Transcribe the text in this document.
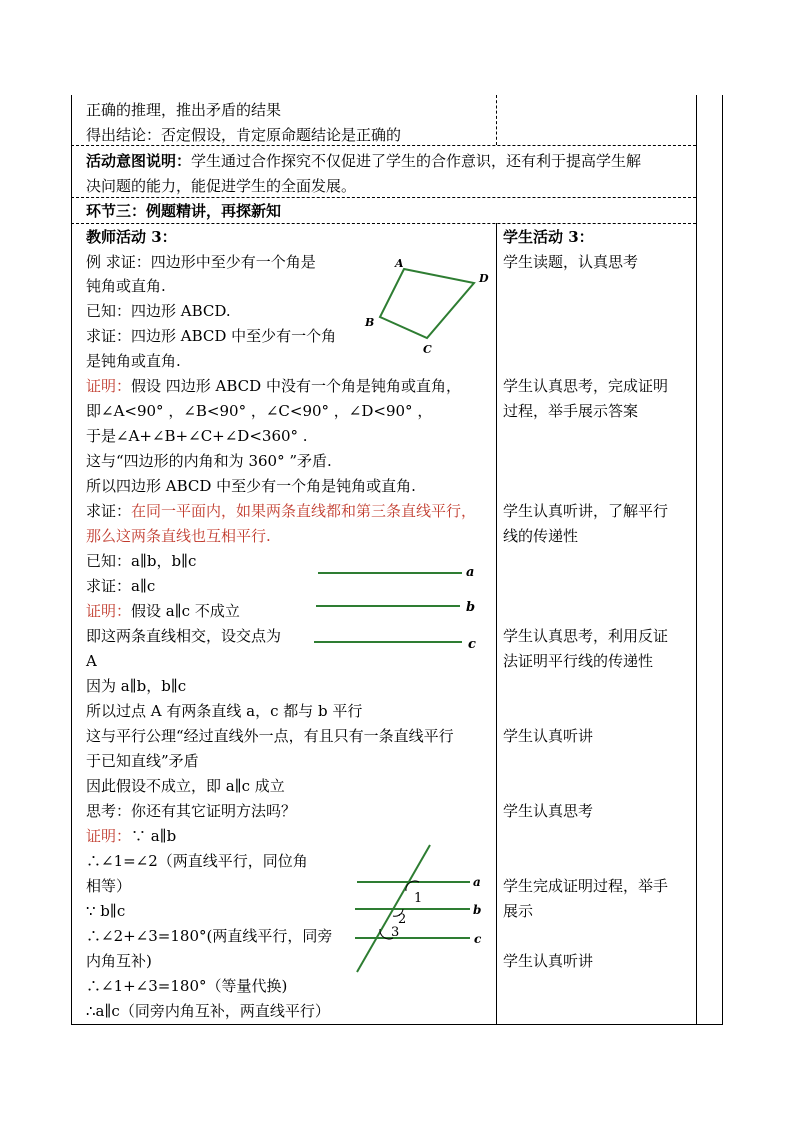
正确的推理，推出矛盾的结果
得出结论：否定假设，肯定原命题结论是正确的
活动意图说明：学生通过合作探究不仅促进了学生的合作意识，还有利于提高学生解
决问题的能力，能促进学生的全面发展。
环节三：例题精讲，再探新知
教师活动 3：
例 求证：四边形中至少有一个角是
钝角或直角.
已知：四边形 ABCD.
求证：四边形 ABCD 中至少有一个角
是钝角或直角.
证明：假设 四边形 ABCD 中没有一个角是钝角或直角，
即∠A<90° ，∠B<90° ，∠C<90° ，∠D<90° ，
于是∠A+∠B+∠C+∠D<360° .
这与“四边形的内角和为 360° ”矛盾.
所以四边形 ABCD 中至少有一个角是钝角或直角.
求证：在同一平面内，如果两条直线都和第三条直线平行，
那么这两条直线也互相平行.
已知：a∥b，b∥c
求证：a∥c
证明：假设 a∥c 不成立
即这两条直线相交，设交点为
A
因为 a∥b，b∥c
所以过点 A 有两条直线 a，c 都与 b 平行
这与平行公理“经过直线外一点，有且只有一条直线平行
于已知直线”矛盾
因此假设不成立，即 a∥c 成立
思考：你还有其它证明方法吗？
证明：∵ a∥b
∴∠1=∠2（两直线平行，同位角
相等）
∵ b∥c
∴∠2+∠3=180°(两直线平行，同旁
内角互补)
∴∠1+∠3=180°（等量代换)
∴a∥c（同旁内角互补，两直线平行）
学生活动 3：
学生读题，认真思考
学生认真思考，完成证明
过程，举手展示答案
学生认真听讲，了解平行
线的传递性
学生认真思考，利用反证
法证明平行线的传递性
学生认真听讲
学生认真思考
学生完成证明过程，举手
展示
学生认真听讲
A
B
C
D
a
b
c
1
2
3
a
b
c
